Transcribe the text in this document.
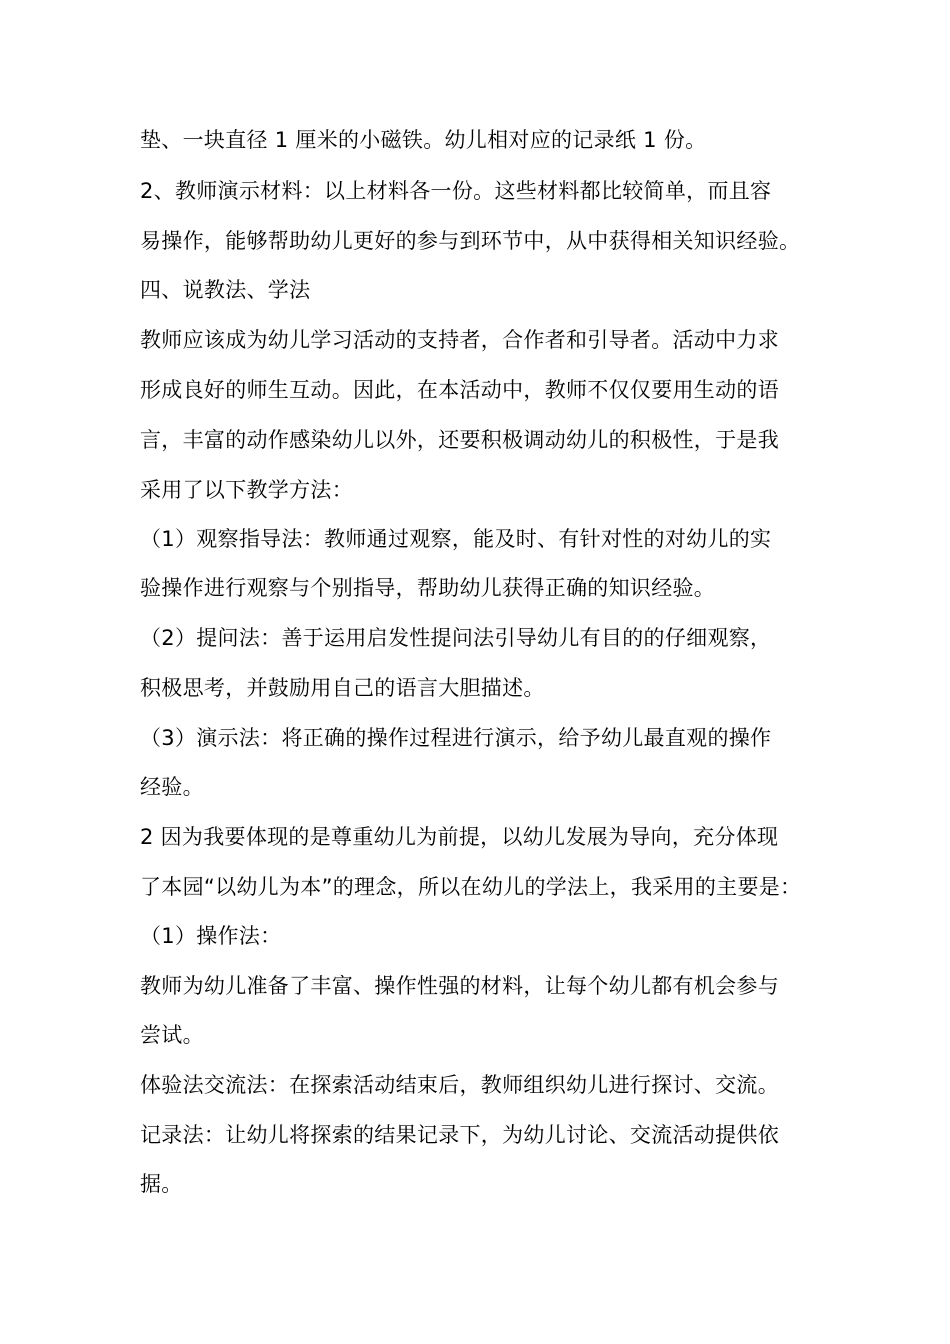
垫、一块直径 1 厘米的小磁铁。幼儿相对应的记录纸 1 份。
2、教师演示材料：以上材料各一份。这些材料都比较简单，而且容
易操作，能够帮助幼儿更好的参与到环节中，从中获得相关知识经验。
四、说教法、学法
教师应该成为幼儿学习活动的支持者，合作者和引导者。活动中力求
形成良好的师生互动。因此，在本活动中，教师不仅仅要用生动的语
言，丰富的动作感染幼儿以外，还要积极调动幼儿的积极性，于是我
采用了以下教学方法：
（1）观察指导法：教师通过观察，能及时、有针对性的对幼儿的实
验操作进行观察与个别指导，帮助幼儿获得正确的知识经验。
（2）提问法：善于运用启发性提问法引导幼儿有目的的仔细观察，
积极思考，并鼓励用自己的语言大胆描述。
（3）演示法：将正确的操作过程进行演示，给予幼儿最直观的操作
经验。
2 因为我要体现的是尊重幼儿为前提，以幼儿发展为导向，充分体现
了本园“以幼儿为本”的理念，所以在幼儿的学法上，我采用的主要是：
（1）操作法：
教师为幼儿准备了丰富、操作性强的材料，让每个幼儿都有机会参与
尝试。
体验法交流法：在探索活动结束后，教师组织幼儿进行探讨、交流。
记录法：让幼儿将探索的结果记录下，为幼儿讨论、交流活动提供依
据。
